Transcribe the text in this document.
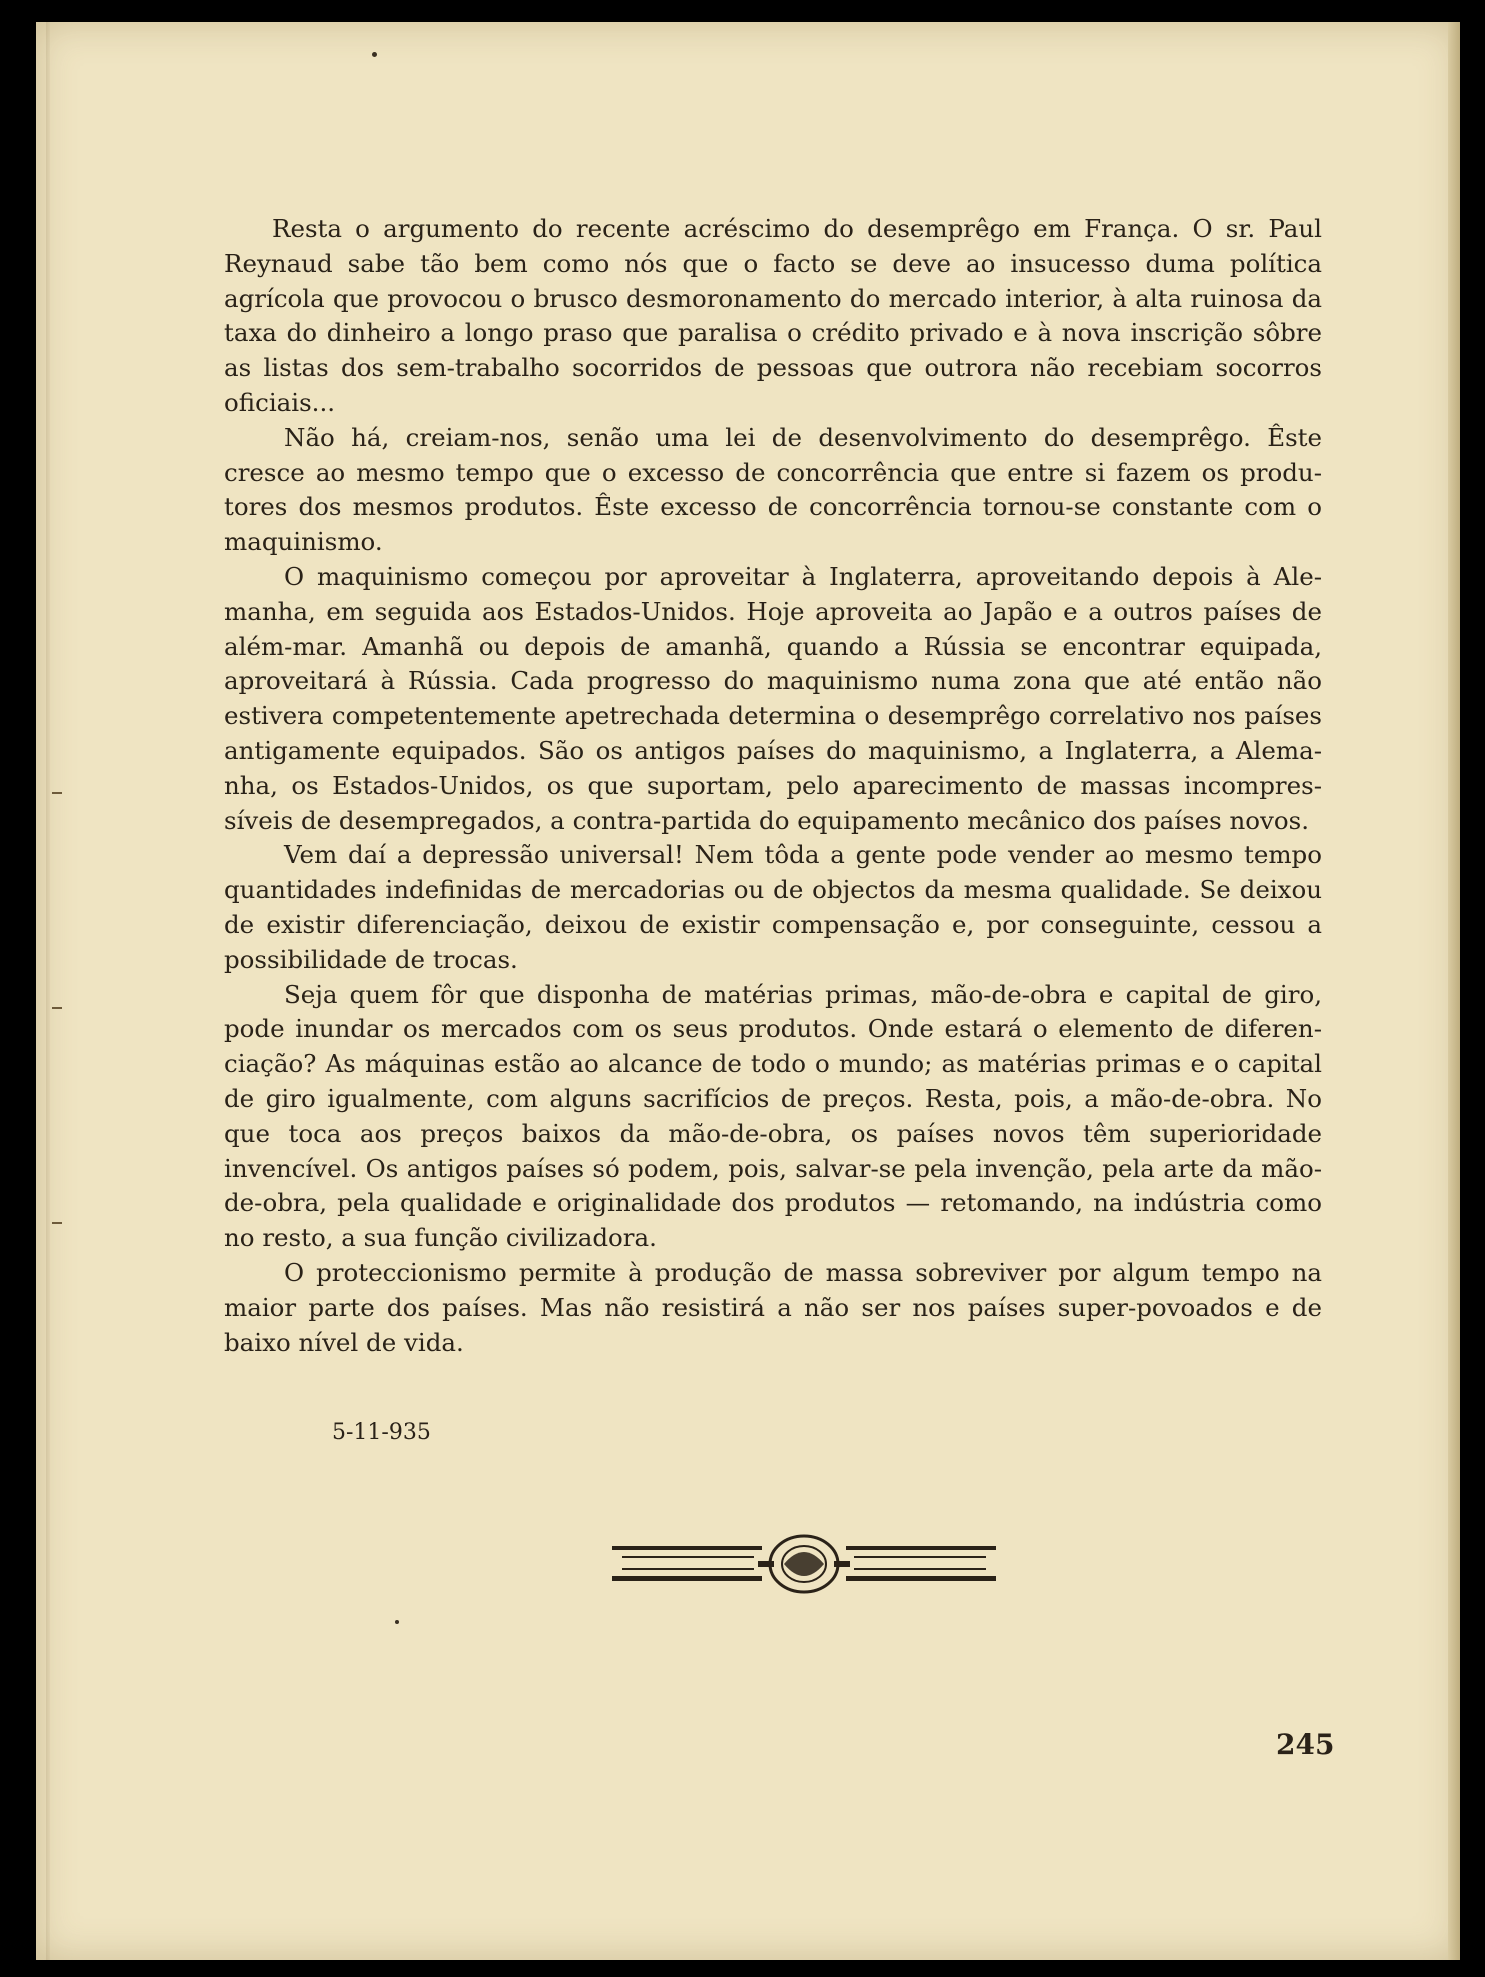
Resta o argumento do recente acréscimo do desemprêgo em França. O sr. Paul Reynaud sabe tão bem como nós que o facto se deve ao insucesso duma política agrícola que provocou o brusco desmoronamento do mercado interior, à alta ruinosa da taxa do dinheiro a longo praso que paralisa o crédito privado e à nova inscrição sôbre as listas dos sem-trabalho socorridos de pessoas que outrora não recebiam socorros oficiais...

Não há, creiam-nos, senão uma lei de desenvolvimento do desemprêgo. Êste cresce ao mesmo tempo que o excesso de concorrência que entre si fazem os produtores dos mesmos produtos. Êste excesso de concorrência tornou-se constante com o maquinismo.

O maquinismo começou por aproveitar à Inglaterra, aproveitando depois à Alemanha, em seguida aos Estados-Unidos. Hoje aproveita ao Japão e a outros países de além-mar. Amanhã ou depois de amanhã, quando a Rússia se encontrar equipada, aproveitará à Rússia. Cada progresso do maquinismo numa zona que até então não estivera competentemente apetrechada determina o desemprêgo correlativo nos países antigamente equipados. São os antigos países do maquinismo, a Inglaterra, a Alemanha, os Estados-Unidos, os que suportam, pelo aparecimento de massas incompressíveis de desempregados, a contra-partida do equipamento mecânico dos países novos.

Vem daí a depressão universal! Nem tôda a gente pode vender ao mesmo tempo quantidades indefinidas de mercadorias ou de objectos da mesma qualidade. Se deixou de existir diferenciação, deixou de existir compensação e, por conseguinte, cessou a possibilidade de trocas.

Seja quem fôr que disponha de matérias primas, mão-de-obra e capital de giro, pode inundar os mercados com os seus produtos. Onde estará o elemento de diferenciação? As máquinas estão ao alcance de todo o mundo; as matérias primas e o capital de giro igualmente, com alguns sacrifícios de preços. Resta, pois, a mão-de-obra. No que toca aos preços baixos da mão-de-obra, os países novos têm superioridade invencível. Os antigos países só podem, pois, salvar-se pela invenção, pela arte da mão-de-obra, pela qualidade e originalidade dos produtos — retomando, na indústria como no resto, a sua função civilizadora.

O proteccionismo permite à produção de massa sobreviver por algum tempo na maior parte dos países. Mas não resistirá a não ser nos países super-povoados e de baixo nível de vida.

5-11-935
245
